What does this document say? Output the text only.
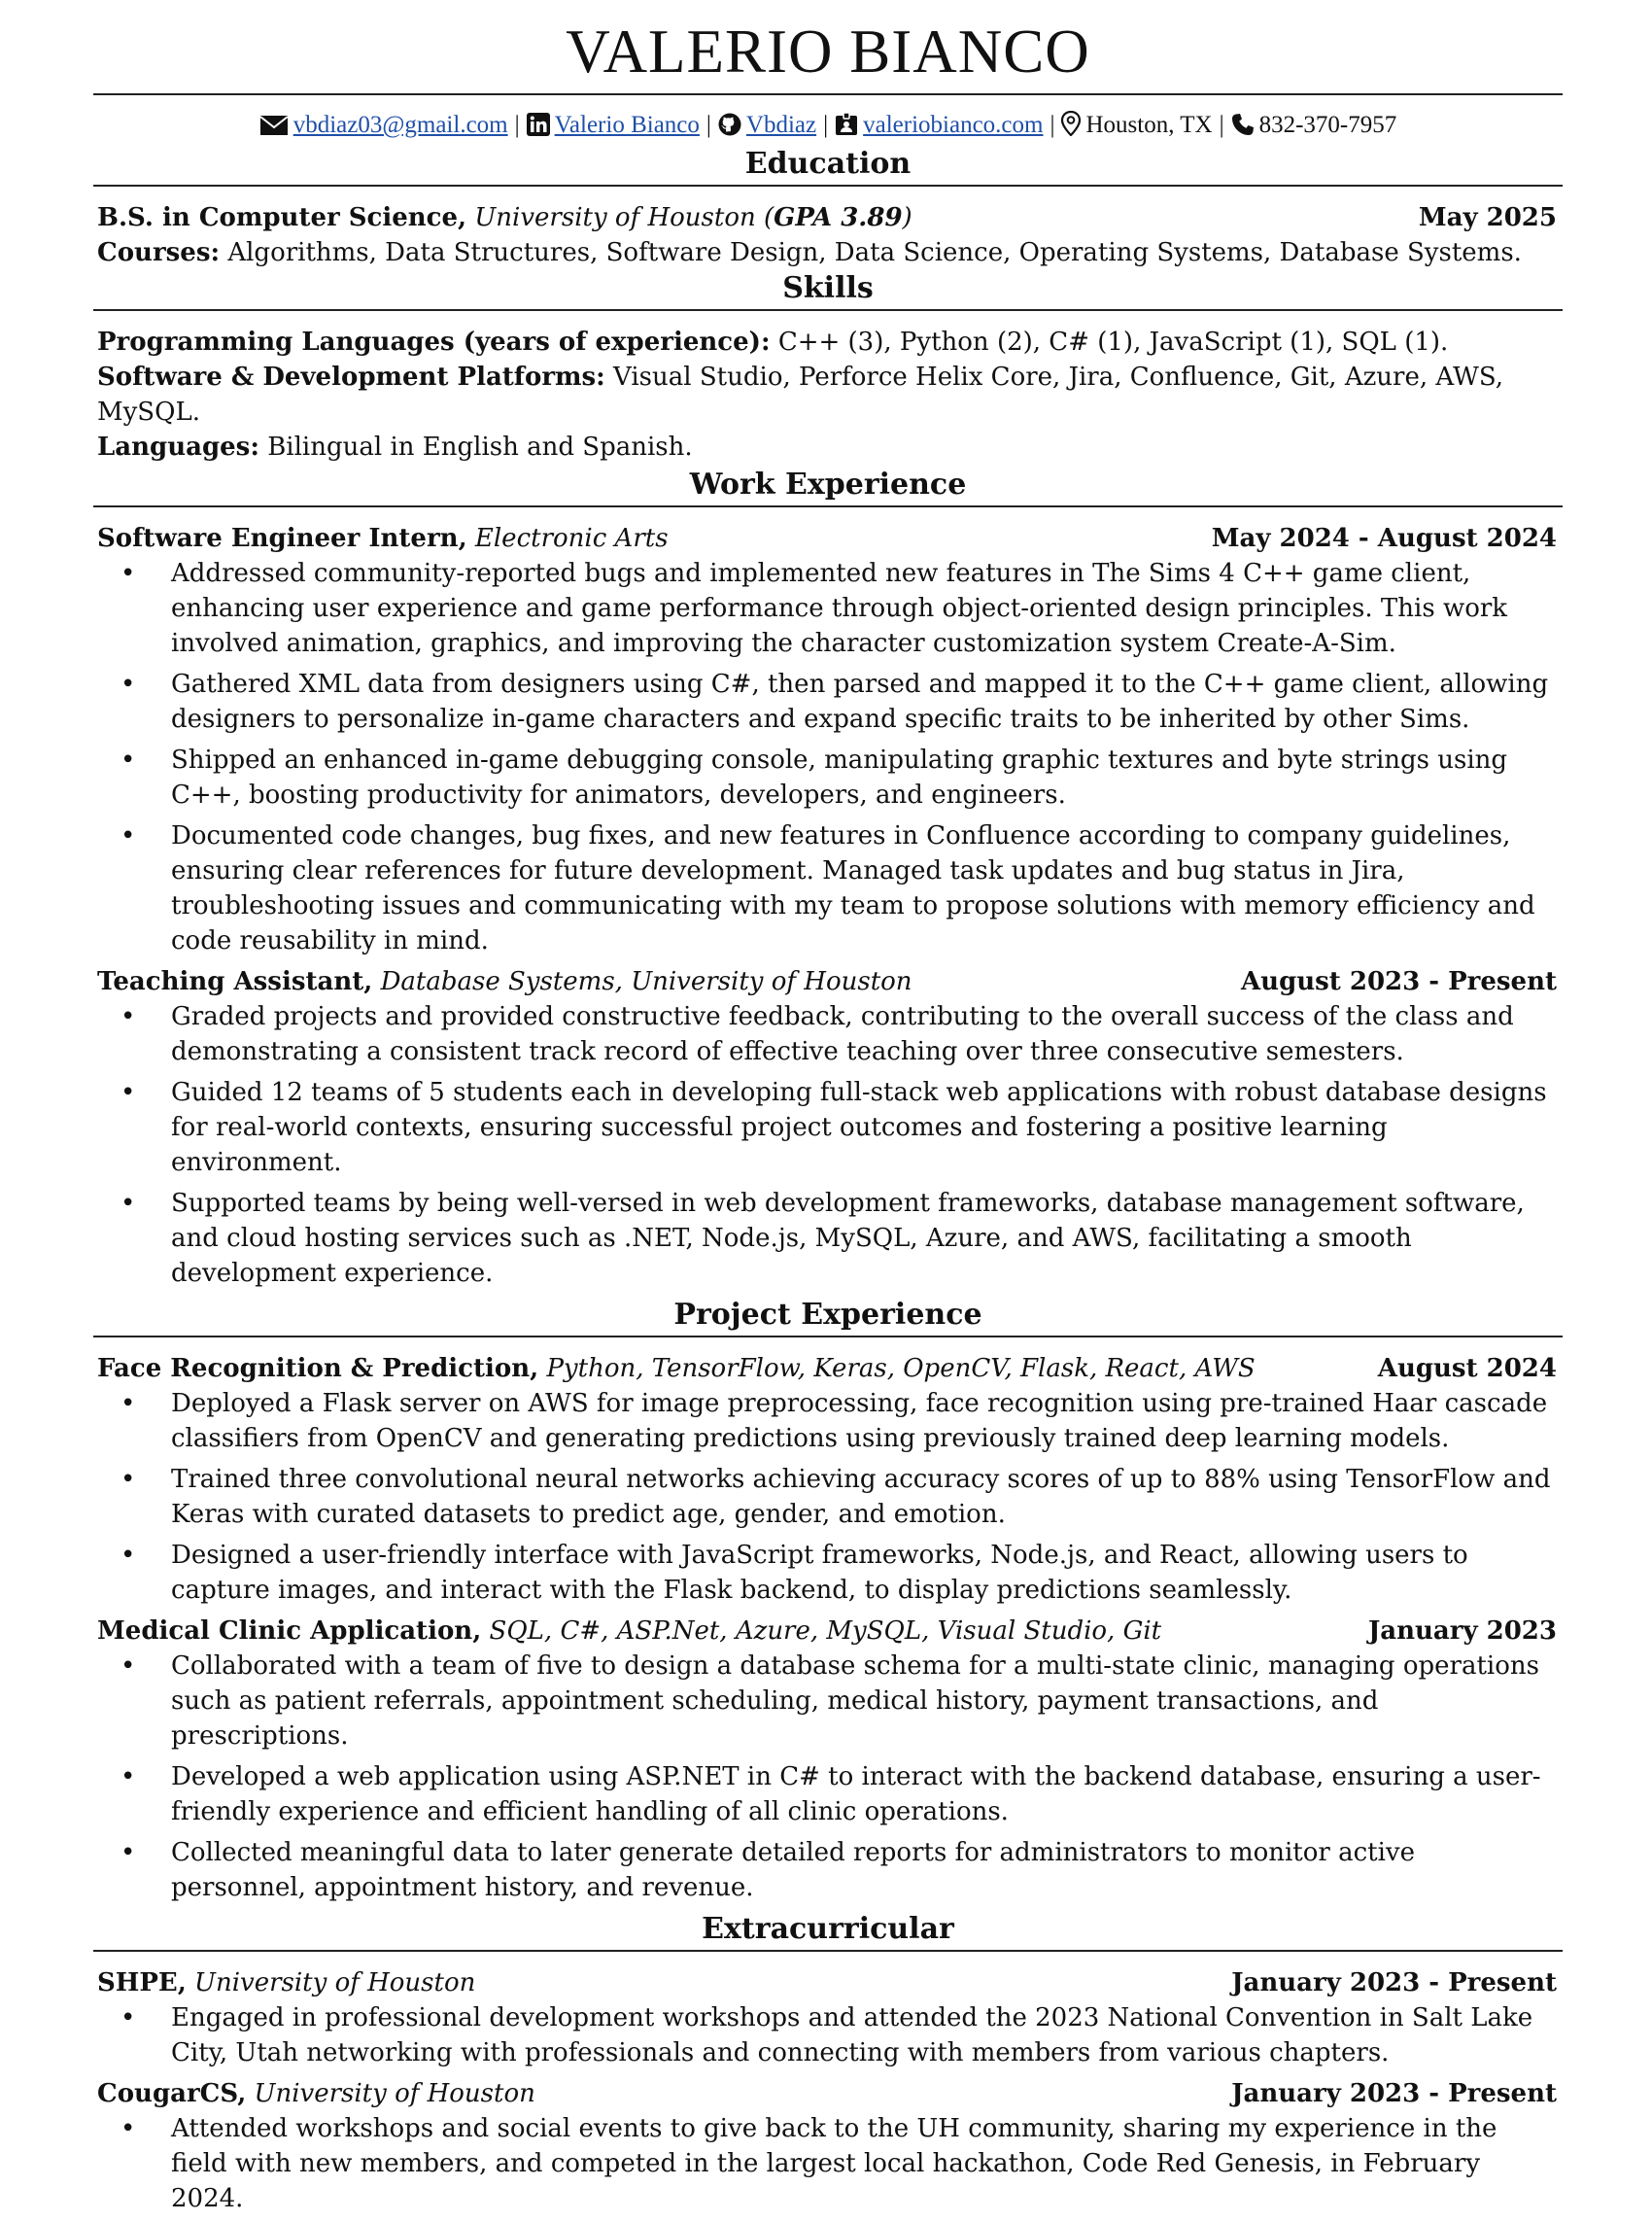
VALERIO BIANCO
vbdiaz03@gmail.com | Valerio Bianco | Vbdiaz | valeriobianco.com | Houston, TX | 832-370-7957
Education
B.S. in Computer Science, University of Houston (GPA 3.89)	May 2025
Courses: Algorithms, Data Structures, Software Design, Data Science, Operating Systems, Database Systems.
Skills
Programming Languages (years of experience): C++ (3), Python (2), C# (1), JavaScript (1), SQL (1).
Software & Development Platforms: Visual Studio, Perforce Helix Core, Jira, Confluence, Git, Azure, AWS, MySQL.
Languages: Bilingual in English and Spanish.
Work Experience
Software Engineer Intern, Electronic Arts	May 2024 - August 2024
• Addressed community-reported bugs and implemented new features in The Sims 4 C++ game client, enhancing user experience and game performance through object-oriented design principles. This work involved animation, graphics, and improving the character customization system Create-A-Sim.
• Gathered XML data from designers using C#, then parsed and mapped it to the C++ game client, allowing designers to personalize in-game characters and expand specific traits to be inherited by other Sims.
• Shipped an enhanced in-game debugging console, manipulating graphic textures and byte strings using C++, boosting productivity for animators, developers, and engineers.
• Documented code changes, bug fixes, and new features in Confluence according to company guidelines, ensuring clear references for future development. Managed task updates and bug status in Jira, troubleshooting issues and communicating with my team to propose solutions with memory efficiency and code reusability in mind.
Teaching Assistant, Database Systems, University of Houston	August 2023 - Present
• Graded projects and provided constructive feedback, contributing to the overall success of the class and demonstrating a consistent track record of effective teaching over three consecutive semesters.
• Guided 12 teams of 5 students each in developing full-stack web applications with robust database designs for real-world contexts, ensuring successful project outcomes and fostering a positive learning environment.
• Supported teams by being well-versed in web development frameworks, database management software, and cloud hosting services such as .NET, Node.js, MySQL, Azure, and AWS, facilitating a smooth development experience.
Project Experience
Face Recognition & Prediction, Python, TensorFlow, Keras, OpenCV, Flask, React, AWS	August 2024
• Deployed a Flask server on AWS for image preprocessing, face recognition using pre-trained Haar cascade classifiers from OpenCV and generating predictions using previously trained deep learning models.
• Trained three convolutional neural networks achieving accuracy scores of up to 88% using TensorFlow and Keras with curated datasets to predict age, gender, and emotion.
• Designed a user-friendly interface with JavaScript frameworks, Node.js, and React, allowing users to capture images, and interact with the Flask backend, to display predictions seamlessly.
Medical Clinic Application, SQL, C#, ASP.Net, Azure, MySQL, Visual Studio, Git	January 2023
• Collaborated with a team of five to design a database schema for a multi-state clinic, managing operations such as patient referrals, appointment scheduling, medical history, payment transactions, and prescriptions.
• Developed a web application using ASP.NET in C# to interact with the backend database, ensuring a user-friendly experience and efficient handling of all clinic operations.
• Collected meaningful data to later generate detailed reports for administrators to monitor active personnel, appointment history, and revenue.
Extracurricular
SHPE, University of Houston	January 2023 - Present
• Engaged in professional development workshops and attended the 2023 National Convention in Salt Lake City, Utah networking with professionals and connecting with members from various chapters.
CougarCS, University of Houston	January 2023 - Present
• Attended workshops and social events to give back to the UH community, sharing my experience in the field with new members, and competed in the largest local hackathon, Code Red Genesis, in February 2024.
